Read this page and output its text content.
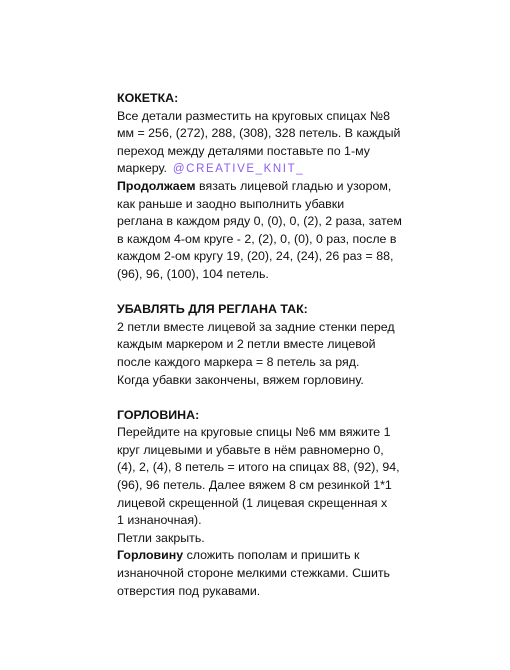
КОКЕТКА:
Все детали разместить на круговых спицах №8
мм = 256, (272), 288, (308), 328 петель. В каждый
переход между деталями поставьте по 1-му
маркеру. @CREATIVE_KNIT_
Продолжаем вязать лицевой гладью и узором,
как раньше и заодно выполнить убавки
реглана в каждом ряду 0, (0), 0, (2), 2 раза, затем
в каждом 4-ом круге - 2, (2), 0, (0), 0 раз, после в
каждом 2-ом кругу 19, (20), 24, (24), 26 раз = 88,
(96), 96, (100), 104 петель.
УБАВЛЯТЬ ДЛЯ РЕГЛАНА ТАК:
2 петли вместе лицевой за задние стенки перед
каждым маркером и 2 петли вместе лицевой
после каждого маркера = 8 петель за ряд.
Когда убавки закончены, вяжем горловину.
ГОРЛОВИНА:
Перейдите на круговые спицы №6 мм вяжите 1
круг лицевыми и убавьте в нём равномерно 0,
(4), 2, (4), 8 петель = итого на спицах 88, (92), 94,
(96), 96 петель. Далее вяжем 8 см резинкой 1*1
лицевой скрещенной (1 лицевая скрещенная х
1 изнаночная).
Петли закрыть.
Горловину сложить пополам и пришить к
изнаночной стороне мелкими стежками. Сшить
отверстия под рукавами.
